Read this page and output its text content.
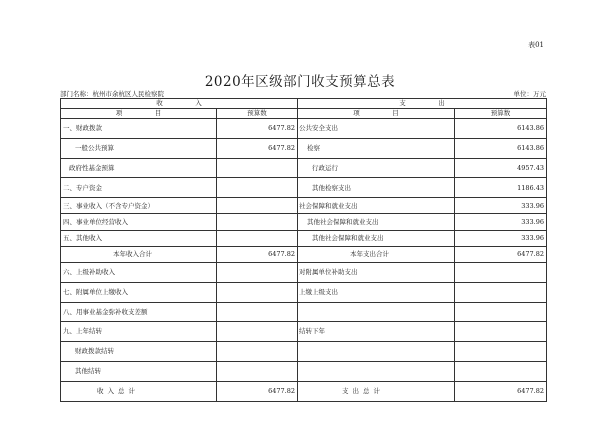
表01
2020年区级部门收支预算总表
部门名称：杭州市余杭区人民检察院	单位：万元
收　　　　　入		支　　　　　出	
项　　　　　目	预算数	项　　　　　目	预算数
一、财政拨款	6477.82	公共安全支出	6143.86
一般公共预算	6477.82	检察	6143.86
政府性基金预算		行政运行	4957.43
二、专户资金		其他检察支出	1186.43
三、事业收入（不含专户资金）		社会保障和就业支出	333.96
四、事业单位经营收入		其他社会保障和就业支出	333.96
五、其他收入		其他社会保障和就业支出	333.96
本年收入合计	6477.82	本年支出合计	6477.82
六、上级补助收入		对附属单位补助支出	
七、附属单位上缴收入		上缴上级支出	
八、用事业基金弥补收支差额			
九、上年结转		结转下年	
财政拨款结转			
其他结转			
收入总计	6477.82	支出总计	6477.82
